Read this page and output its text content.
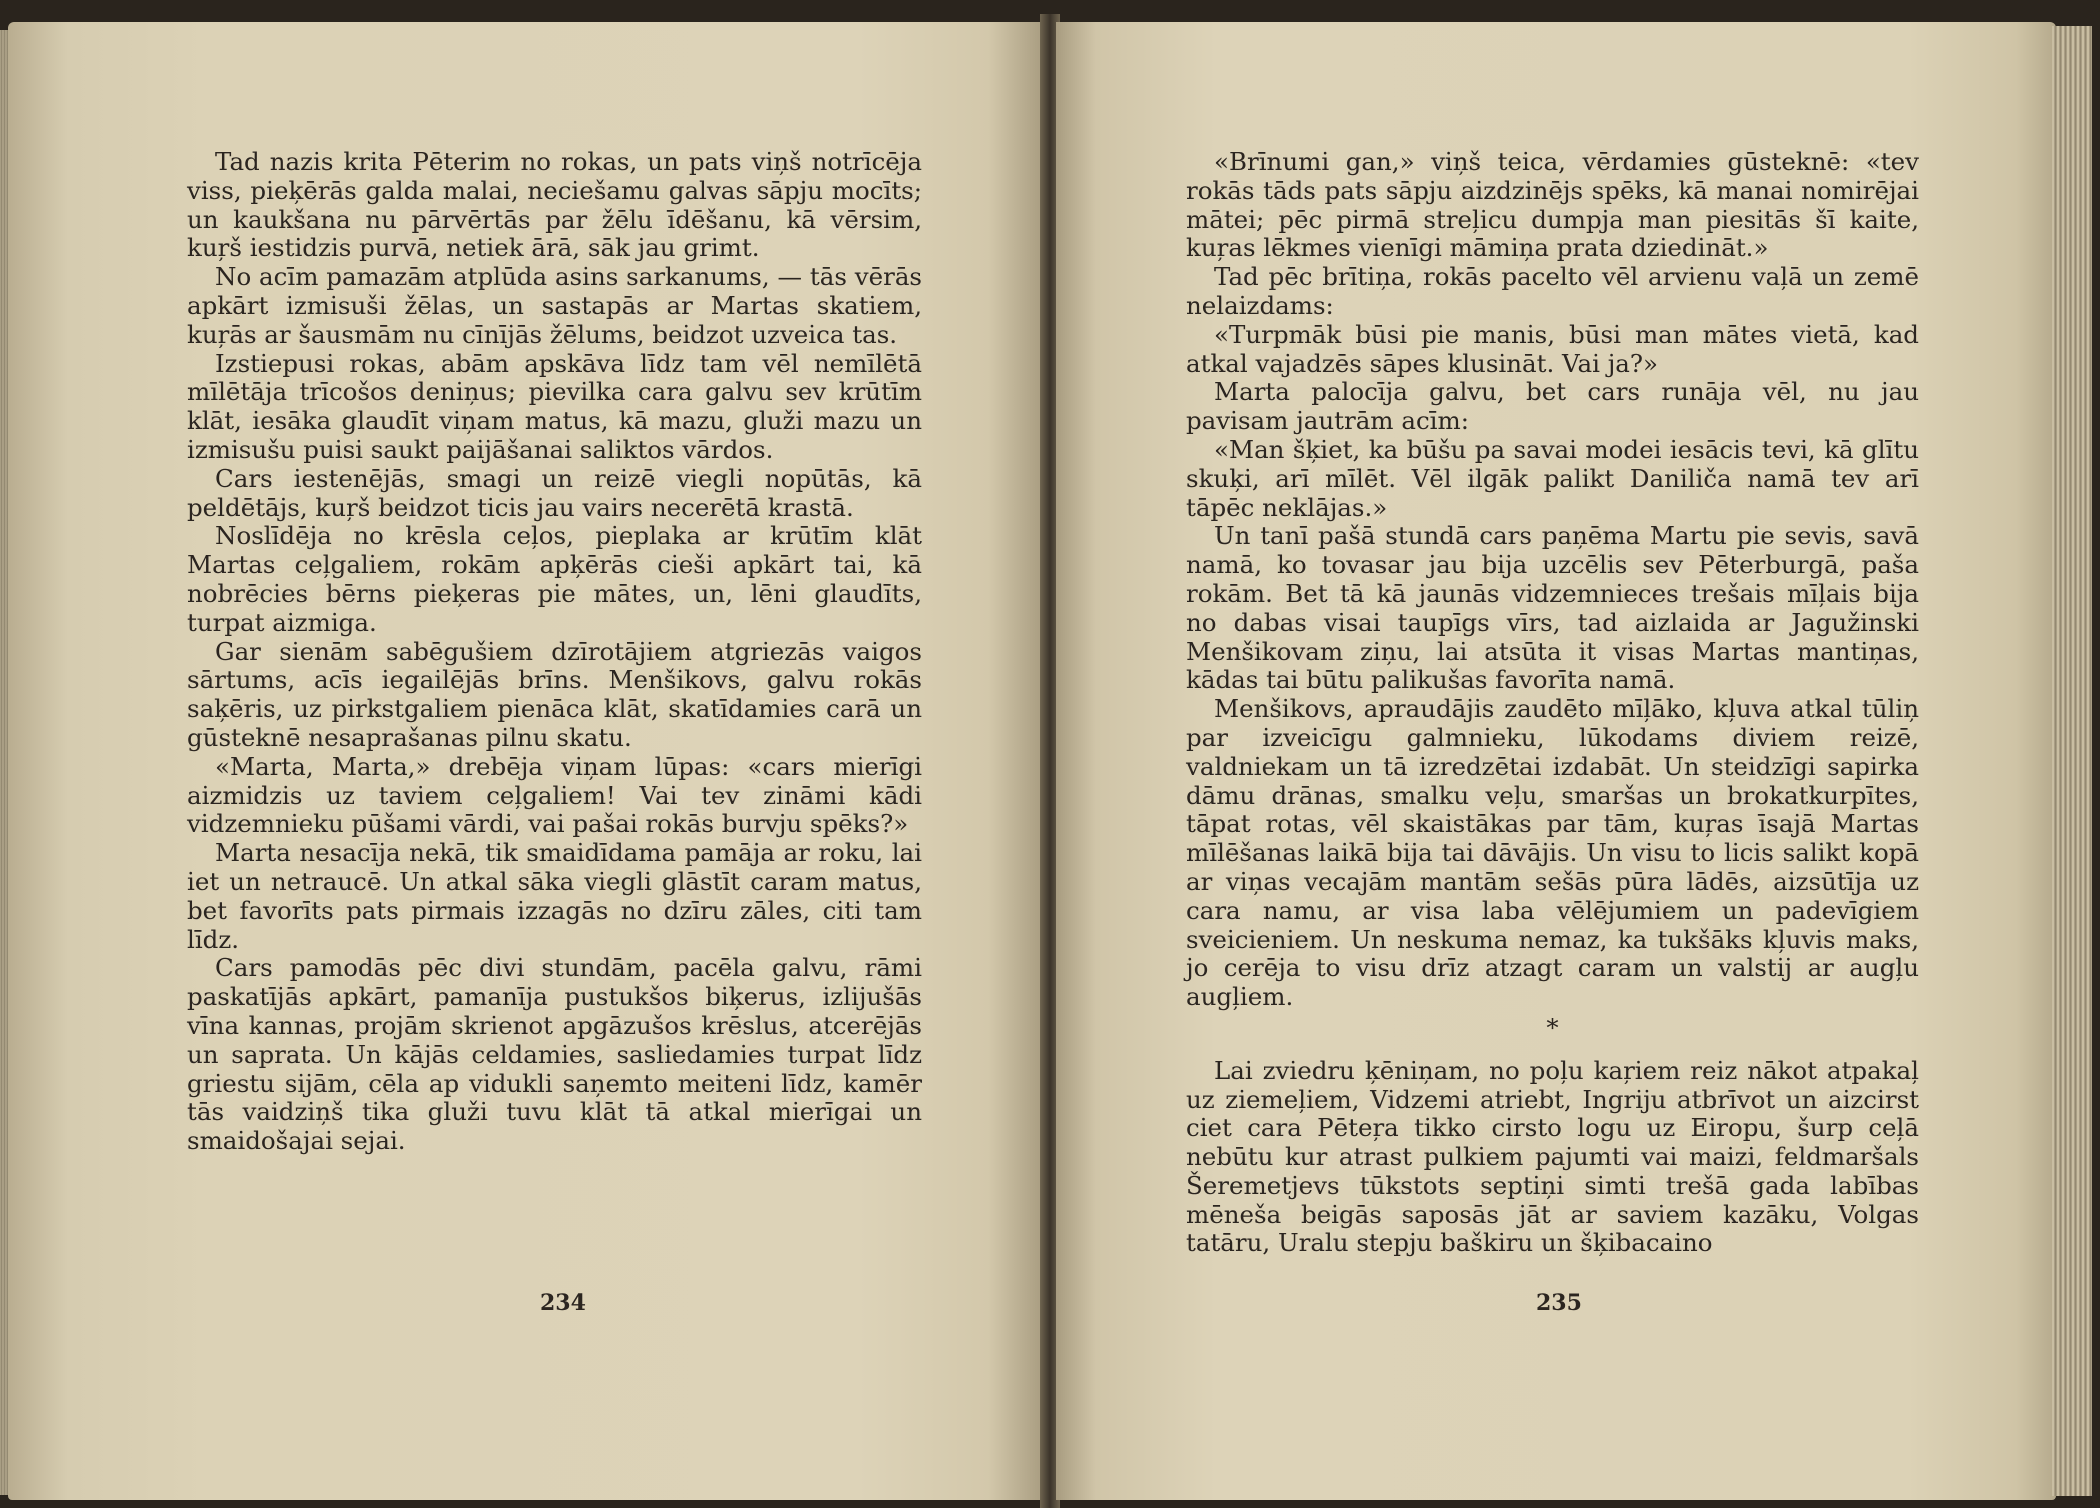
Tad nazis krita Pēterim no rokas, un pats viņš notrīcēja viss, pieķērās galda malai, neciešamu galvas sāpju mocīts; un kaukšana nu pārvērtās par žēlu īdēšanu, kā vērsim, kuŗš iestidzis purvā, netiek ārā, sāk jau grimt.

No acīm pamazām atplūda asins sarkanums, — tās vērās apkārt izmisuši žēlas, un sastapās ar Martas skatiem, kuŗās ar šausmām nu cīnījās žēlums, beidzot uzveica tas.

Izstiepusi rokas, abām apskāva līdz tam vēl nemīlētā mīlētāja trīcošos deniņus; pievilka cara galvu sev krūtīm klāt, iesāka glaudīt viņam matus, kā mazu, gluži mazu un izmisušu puisi saukt paijāšanai saliktos vārdos.

Cars iestenējās, smagi un reizē viegli nopūtās, kā peldētājs, kuŗš beidzot ticis jau vairs necerētā krastā.

Noslīdēja no krēsla ceļos, pieplaka ar krūtīm klāt Martas ceļgaliem, rokām apķērās cieši apkārt tai, kā nobrēcies bērns pieķeras pie mātes, un, lēni glaudīts, turpat aizmiga.

Gar sienām sabēgušiem dzīrotājiem atgriezās vaigos sārtums, acīs iegailējās brīns. Menšikovs, galvu rokās saķēris, uz pirkstgaliem pienāca klāt, skatīdamies carā un gūsteknē nesaprašanas pilnu skatu.

«Marta, Marta,» drebēja viņam lūpas: «cars mierīgi aizmidzis uz taviem ceļgaliem! Vai tev zināmi kādi vidzemnieku pūšami vārdi, vai pašai rokās burvju spēks?»

Marta nesacīja nekā, tik smaidīdama pamāja ar roku, lai iet un netraucē. Un atkal sāka viegli glāstīt caram matus, bet favorīts pats pirmais izzagās no dzīru zāles, citi tam līdz.

Cars pamodās pēc divi stundām, pacēla galvu, rāmi paskatījās apkārt, pamanīja pustukšos biķerus, izlijušās vīna kannas, projām skrienot apgāzušos krēslus, atcerējās un saprata. Un kājās celdamies, sasliedamies turpat līdz griestu sijām, cēla ap vidukli saņemto meiteni līdz, kamēr tās vaidziņš tika gluži tuvu klāt tā atkal mierīgai un smaidošajai sejai.

234

«Brīnumi gan,» viņš teica, vērdamies gūsteknē: «tev rokās tāds pats sāpju aizdzinējs spēks, kā manai nomirējai mātei; pēc pirmā streļicu dumpja man piesitās šī kaite, kuŗas lēkmes vienīgi māmiņa prata dziedināt.»

Tad pēc brītiņa, rokās pacelto vēl arvienu vaļā un zemē nelaizdams:

«Turpmāk būsi pie manis, būsi man mātes vietā, kad atkal vajadzēs sāpes klusināt. Vai ja?»

Marta palocīja galvu, bet cars runāja vēl, nu jau pavisam jautrām acīm:

«Man šķiet, ka būšu pa savai modei iesācis tevi, kā glītu skuķi, arī mīlēt. Vēl ilgāk palikt Daniliča namā tev arī tāpēc neklājas.»

Un tanī pašā stundā cars paņēma Martu pie sevis, savā namā, ko tovasar jau bija uzcēlis sev Pēterburgā, paša rokām. Bet tā kā jaunās vidzemnieces trešais mīļais bija no dabas visai taupīgs vīrs, tad aizlaida ar Jagužinski Menšikovam ziņu, lai atsūta it visas Martas mantiņas, kādas tai būtu palikušas favorīta namā.

Menšikovs, apraudājis zaudēto mīļāko, kļuva atkal tūliņ par izveicīgu galmnieku, lūkodams diviem reizē, valdniekam un tā izredzētai izdabāt. Un steidzīgi sapirka dāmu drānas, smalku veļu, smaršas un brokatkurpītes, tāpat rotas, vēl skaistākas par tām, kuŗas īsajā Martas mīlēšanas laikā bija tai dāvājis. Un visu to licis salikt kopā ar viņas vecajām mantām sešās pūra lādēs, aizsūtīja uz cara namu, ar visa laba vēlējumiem un padevīgiem sveicieniem. Un neskuma nemaz, ka tukšāks kļuvis maks, jo cerēja to visu drīz atzagt caram un valstij ar augļu augļiem.

*

Lai zviedru ķēniņam, no poļu kaŗiem reiz nākot atpakaļ uz ziemeļiem, Vidzemi atriebt, Ingriju atbrīvot un aizcirst ciet cara Pēteŗa tikko cirsto logu uz Eiropu, šurp ceļā nebūtu kur atrast pulkiem pajumti vai maizi, feldmaršals Šeremetjevs tūkstots septiņi simti trešā gada labības mēneša beigās saposās jāt ar saviem kazāku, Volgas tatāru, Uralu stepju baškiru un šķibacaino

235
